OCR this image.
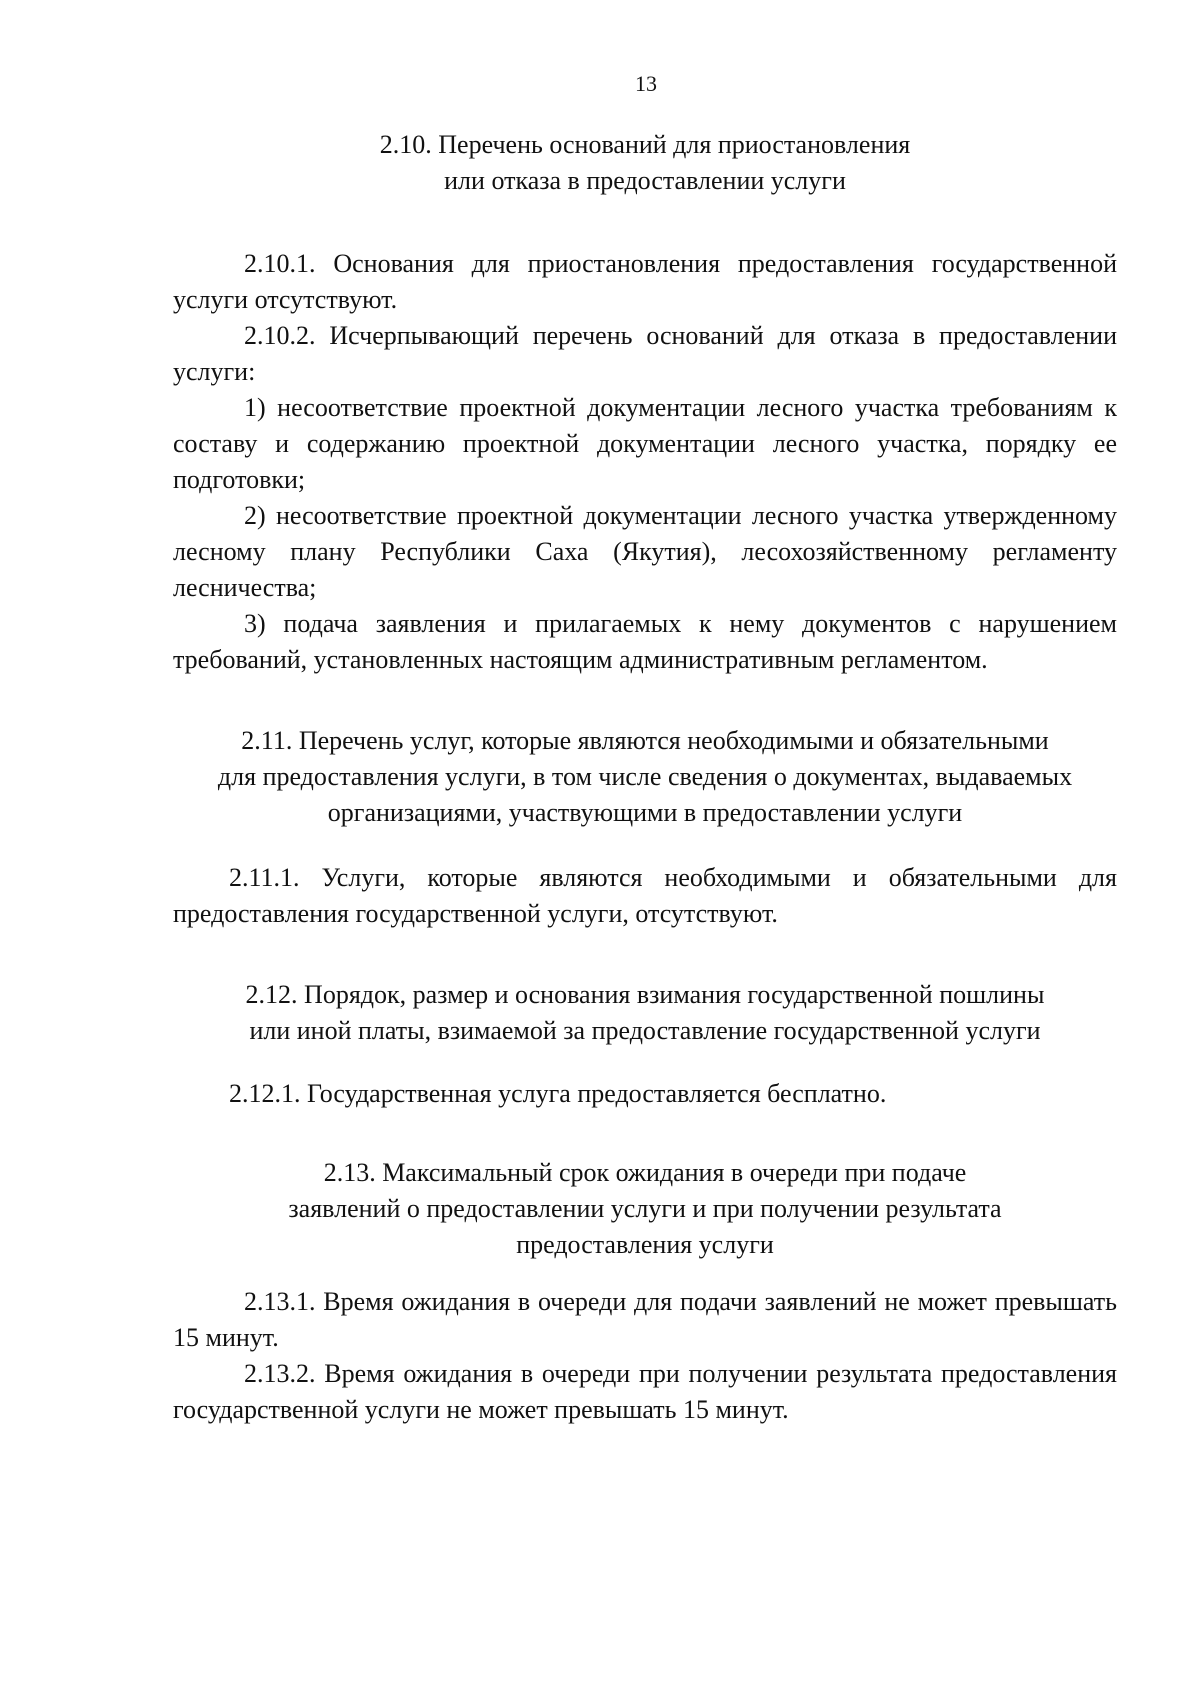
13
2.10. Перечень оснований для приостановления
или отказа в предоставлении услуги
2.10.1. Основания для приостановления предоставления государственной услуги отсутствуют.
2.10.2. Исчерпывающий перечень оснований для отказа в предоставлении услуги:
1) несоответствие проектной документации лесного участка требованиям к составу и содержанию проектной документации лесного участка, порядку ее подготовки;
2) несоответствие проектной документации лесного участка утвержденному лесному плану Республики Саха (Якутия), лесохозяйственному регламенту лесничества;
3) подача заявления и прилагаемых к нему документов с нарушением требований, установленных настоящим административным регламентом.
2.11. Перечень услуг, которые являются необходимыми и обязательными
для предоставления услуги, в том числе сведения о документах, выдаваемых
организациями, участвующими в предоставлении услуги
2.11.1. Услуги, которые являются необходимыми и обязательными для предоставления государственной услуги, отсутствуют.
2.12. Порядок, размер и основания взимания государственной пошлины
или иной платы, взимаемой за предоставление государственной услуги
2.12.1. Государственная услуга предоставляется бесплатно.
2.13. Максимальный срок ожидания в очереди при подаче
заявлений о предоставлении услуги и при получении результата
предоставления услуги
2.13.1. Время ожидания в очереди для подачи заявлений не может превышать 15 минут.
2.13.2. Время ожидания в очереди при получении результата предоставления государственной услуги не может превышать 15 минут.
